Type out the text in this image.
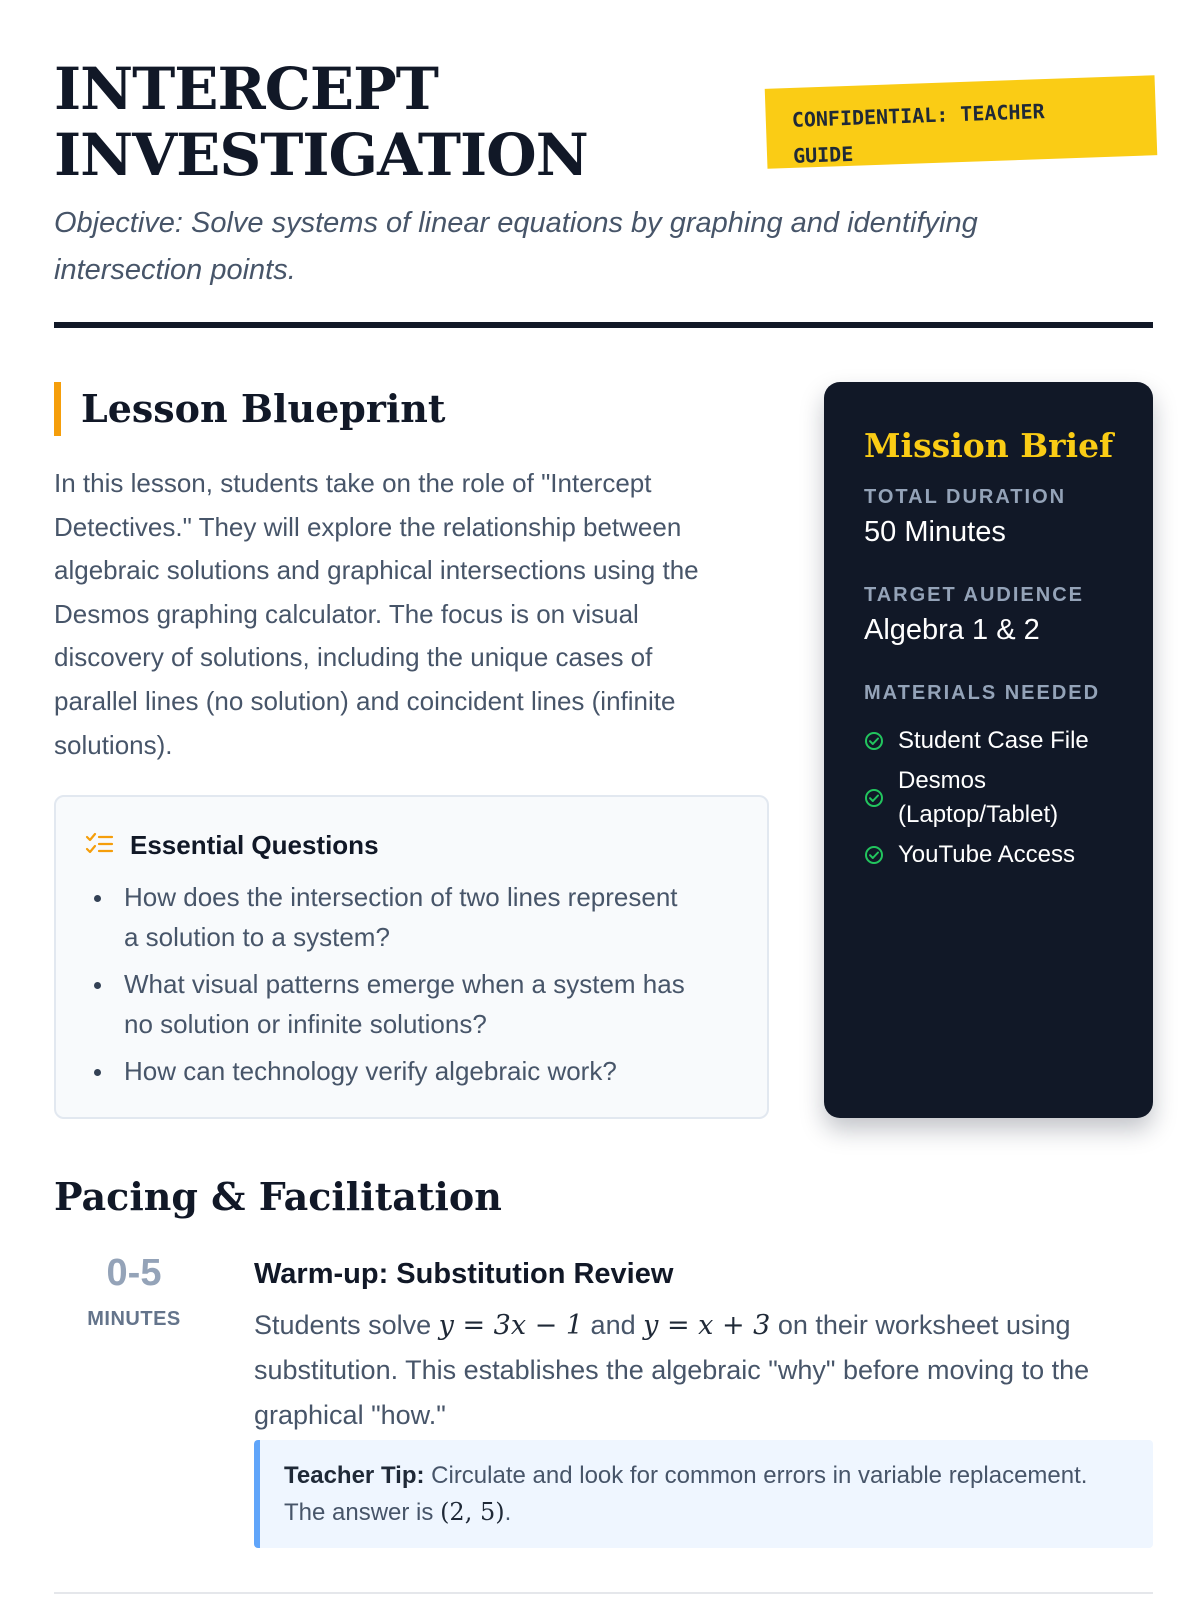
INTERCEPT
INVESTIGATION
CONFIDENTIAL: TEACHER
GUIDE

Objective: Solve systems of linear equations by graphing and identifying
intersection points.

Lesson Blueprint

In this lesson, students take on the role of "Intercept
Detectives." They will explore the relationship between
algebraic solutions and graphical intersections using the
Desmos graphing calculator. The focus is on visual
discovery of solutions, including the unique cases of
parallel lines (no solution) and coincident lines (infinite
solutions).

Essential Questions
How does the intersection of two lines represent
a solution to a system?
What visual patterns emerge when a system has
no solution or infinite solutions?
How can technology verify algebraic work?
Mission Brief
TOTAL DURATION
50 Minutes
TARGET AUDIENCE
Algebra 1 & 2
MATERIALS NEEDED
Student Case File
Desmos
(Laptop/Tablet)
YouTube Access
Pacing & Facilitation
0-5
MINUTES
Warm-up: Substitution Review

Students solve y = 3x − 1 and y = x + 3 on their worksheet using
substitution. This establishes the algebraic "why" before moving to the
graphical "how."

Teacher Tip: Circulate and look for common errors in variable replacement.
The answer is (2, 5).
